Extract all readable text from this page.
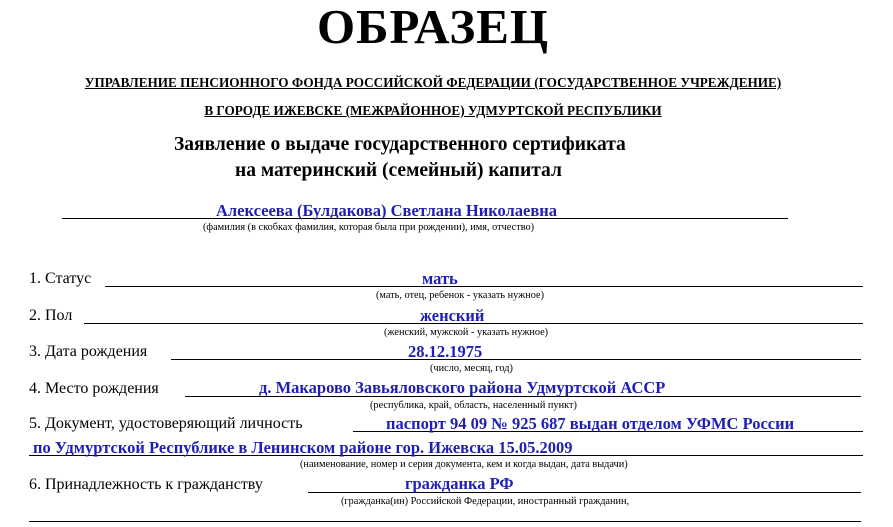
ОБРАЗЕЦ
УПРАВЛЕНИЕ ПЕНСИОННОГО ФОНДА РОССИЙСКОЙ ФЕДЕРАЦИИ (ГОСУДАРСТВЕННОЕ УЧРЕЖДЕНИЕ)
В ГОРОДЕ ИЖЕВСКЕ (МЕЖРАЙОННОЕ) УДМУРТСКОЙ РЕСПУБЛИКИ
Заявление о выдаче государственного сертификата
на материнский (семейный) капитал
Алексеева (Булдакова) Светлана Николаевна
(фамилия (в скобках фамилия, которая была при рождении), имя, отчество)
1. Статус	мать
(мать, отец, ребенок - указать нужное)
2. Пол	женский
(женский, мужской - указать нужное)
3. Дата рождения	28.12.1975
(число, месяц, год)
4. Место рождения	д. Макарово Завьяловского района Удмуртской АССР
(республика, край, область, населенный пункт)
5. Документ, удостоверяющий личность	паспорт 94 09 № 925 687 выдан отделом УФМС России
по Удмуртской Республике в Ленинском районе гор. Ижевска 15.05.2009
(наименование, номер и серия документа, кем и когда выдан, дата выдачи)
6. Принадлежность к гражданству	гражданка РФ
(гражданка(ин) Российской Федерации, иностранный гражданин,
